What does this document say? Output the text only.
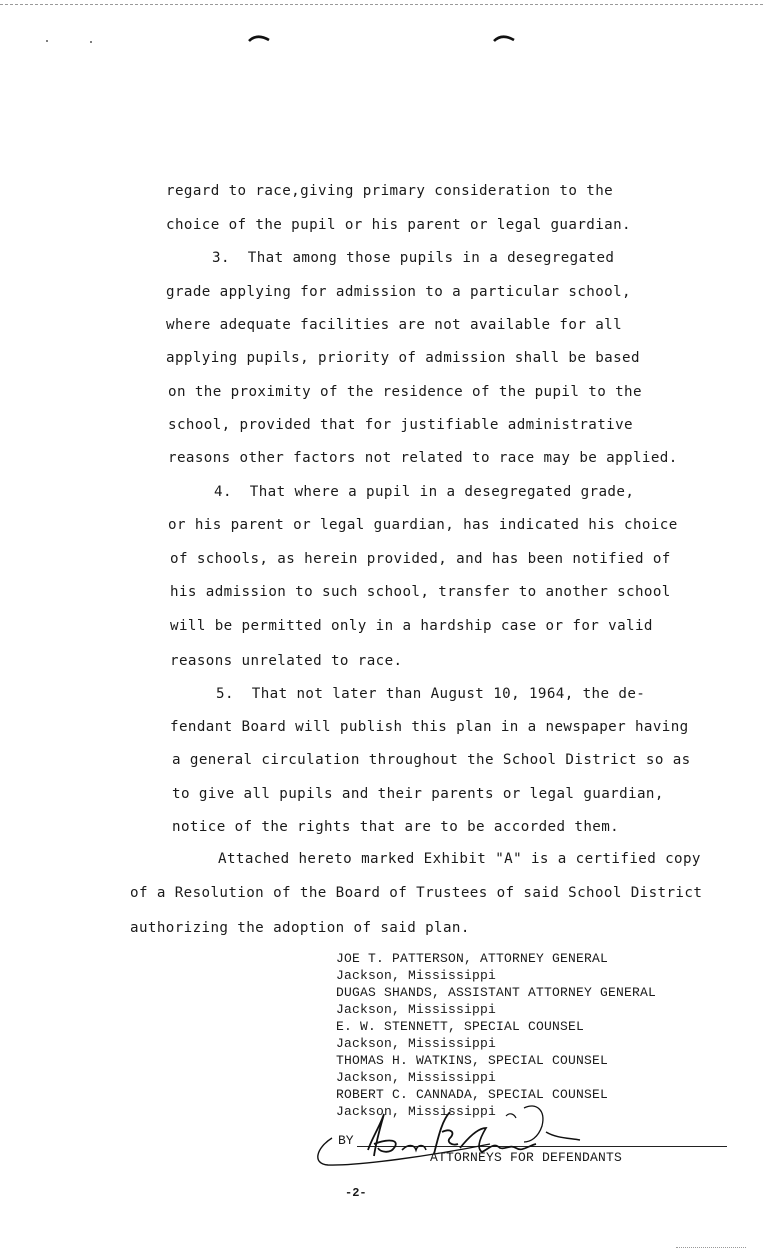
regard to race,giving primary consideration to the

choice of the pupil or his parent or legal guardian.

3.  That among those pupils in a desegregated

grade applying for admission to a particular school,

where adequate facilities are not available for all

applying pupils, priority of admission shall be based

on the proximity of the residence of the pupil to the

school, provided that for justifiable administrative

reasons other factors not related to race may be applied.

4.  That where a pupil in a desegregated grade,

or his parent or legal guardian, has indicated his choice

of schools, as herein provided, and has been notified of

his admission to such school, transfer to another school

will be permitted only in a hardship case or for valid

reasons unrelated to race.

5.  That not later than August 10, 1964, the de-

fendant Board will publish this plan in a newspaper having

a general circulation throughout the School District so as

to give all pupils and their parents or legal guardian,

notice of the rights that are to be accorded them.

Attached hereto marked Exhibit "A" is a certified copy

of a Resolution of the Board of Trustees of said School District

authorizing the adoption of said plan.

JOE T. PATTERSON, ATTORNEY GENERAL

Jackson, Mississippi

DUGAS SHANDS, ASSISTANT ATTORNEY GENERAL

Jackson, Mississippi

E. W. STENNETT, SPECIAL COUNSEL

Jackson, Mississippi

THOMAS H. WATKINS, SPECIAL COUNSEL

Jackson, Mississippi

ROBERT C. CANNADA, SPECIAL COUNSEL

Jackson, Mississippi

BY
ATTORNEYS FOR DEFENDANTS
-2-
